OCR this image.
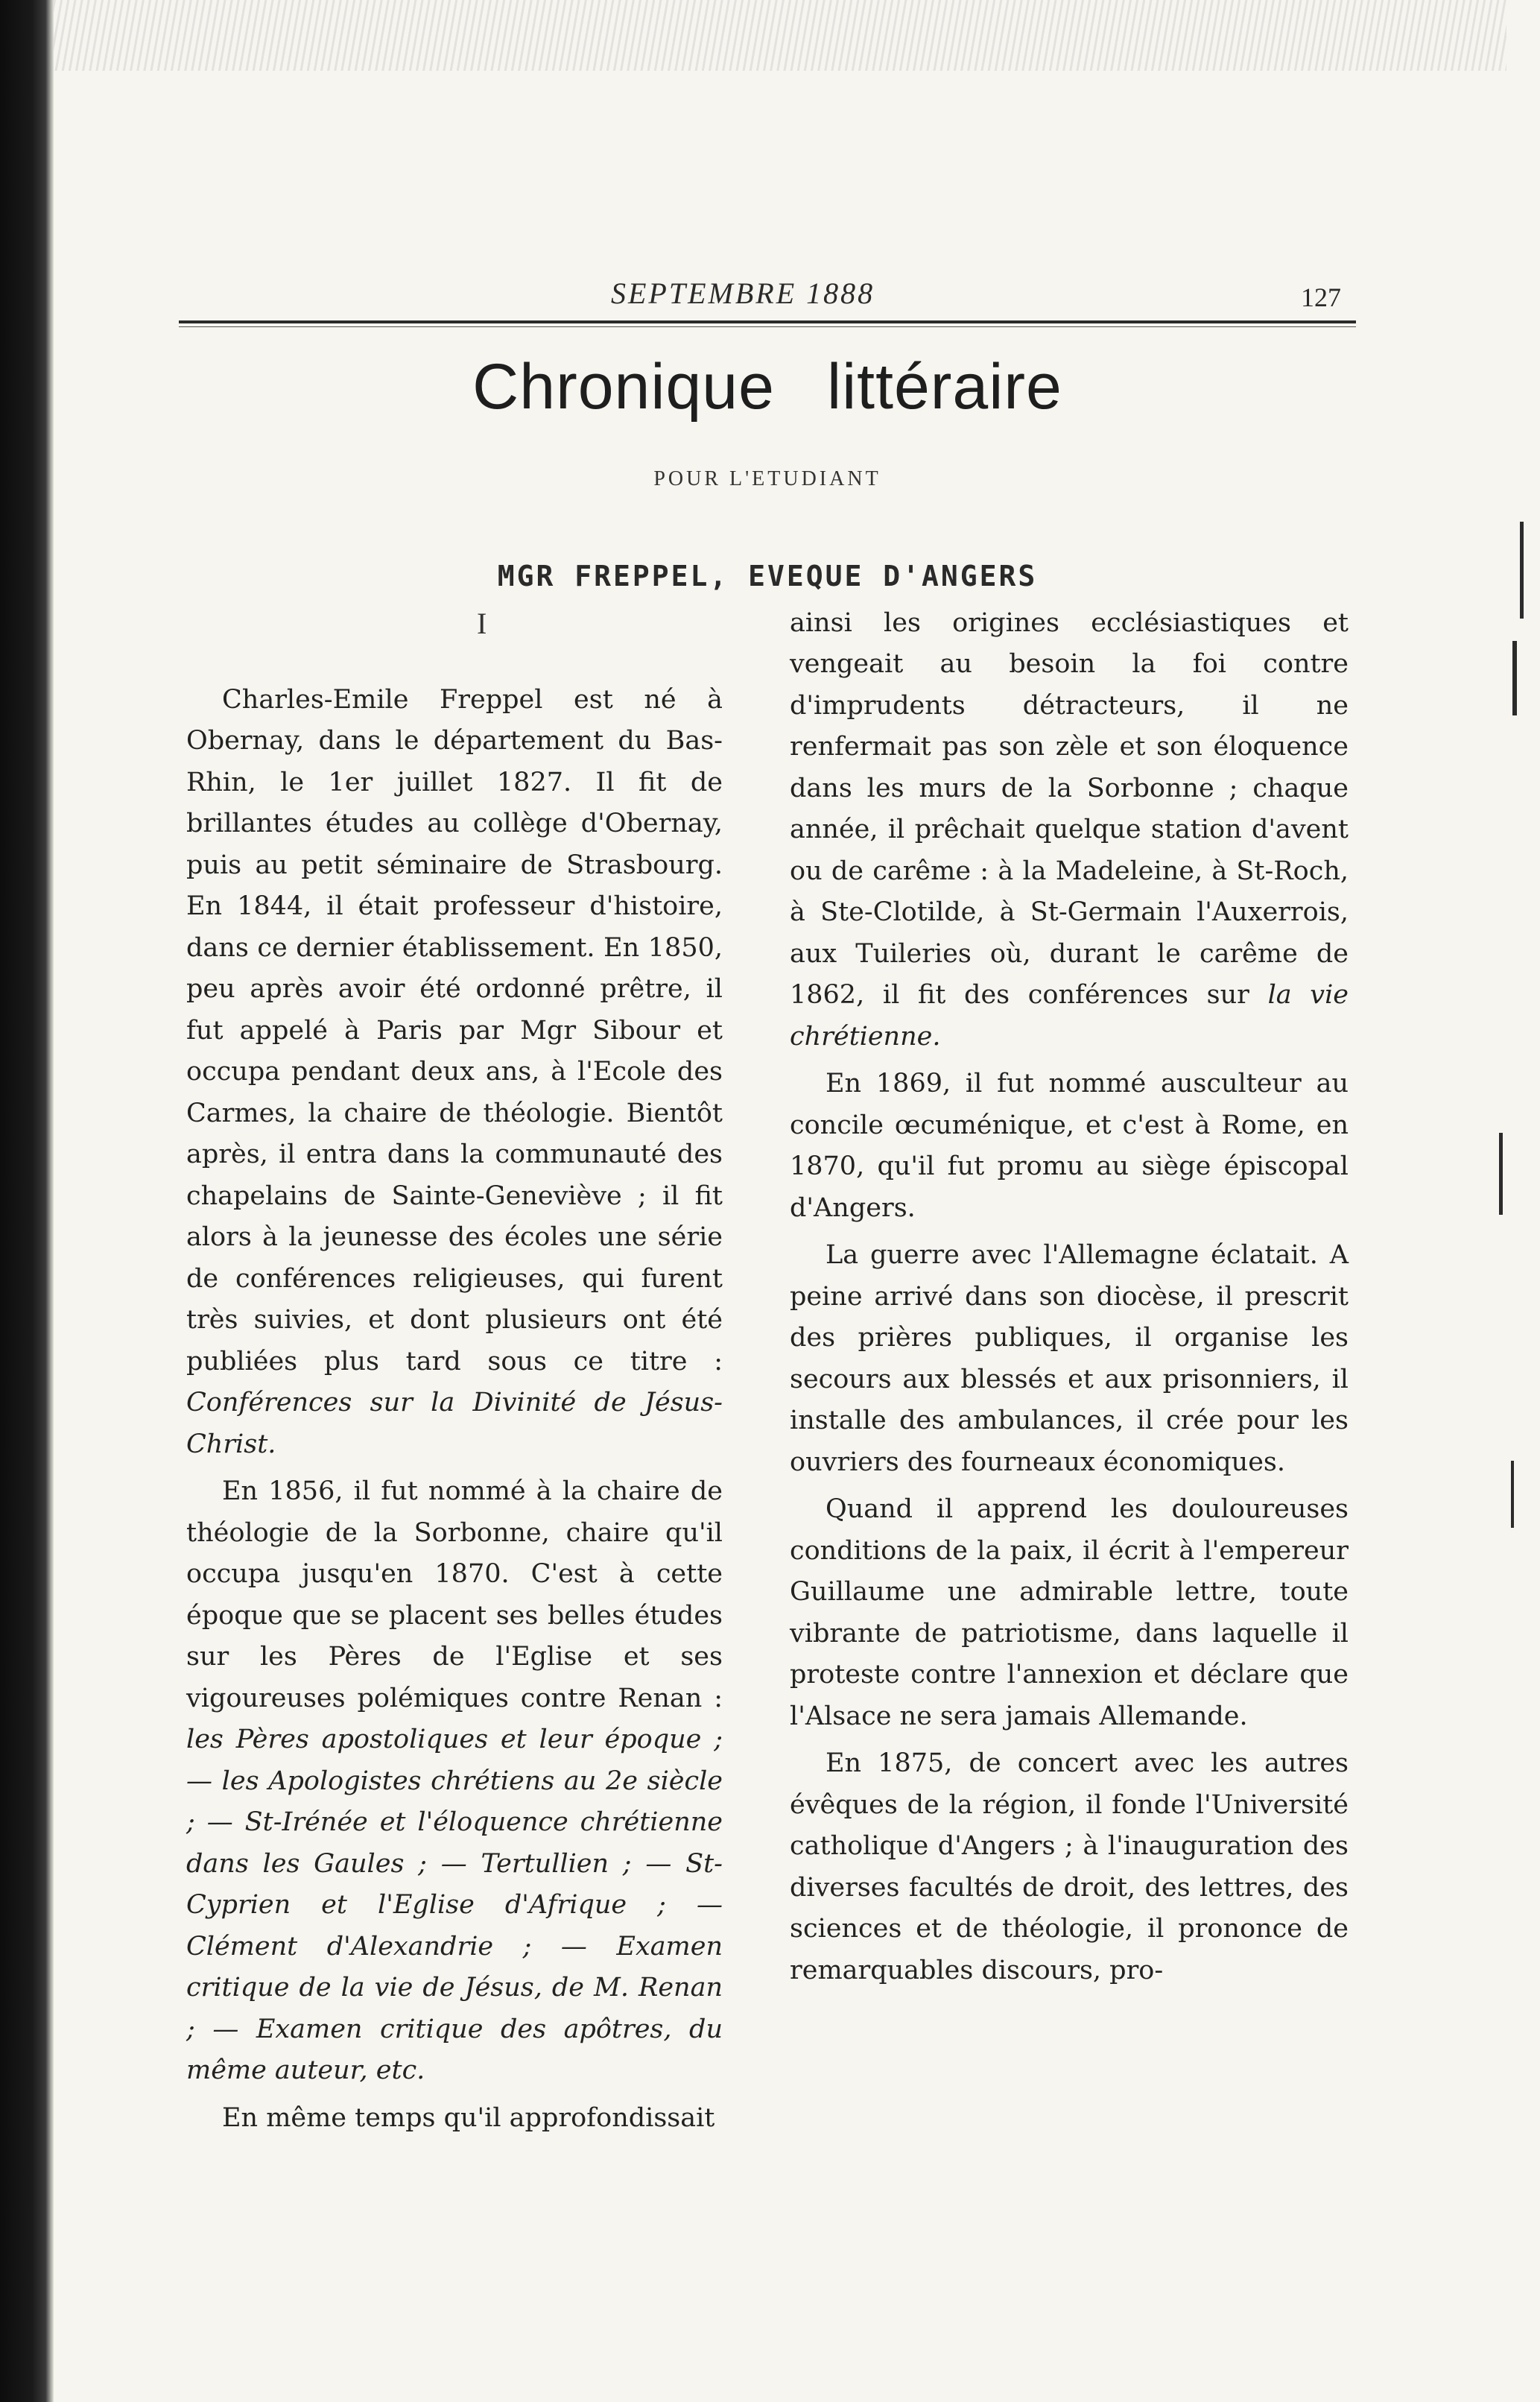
SEPTEMBRE 1888	127
Chronique littéraire
POUR L'ETUDIANT
MGR FREPPEL, EVEQUE D'ANGERS
I

Charles-Emile Freppel est né à Obernay, dans le département du Bas-Rhin, le 1er juillet 1827. Il fit de brillantes études au collège d'Obernay, puis au petit séminaire de Strasbourg. En 1844, il était professeur d'histoire, dans ce dernier établissement. En 1850, peu après avoir été ordonné prêtre, il fut appelé à Paris par Mgr Sibour et occupa pendant deux ans, à l'Ecole des Carmes, la chaire de théologie. Bientôt après, il entra dans la communauté des chapelains de Sainte-Geneviève ; il fit alors à la jeunesse des écoles une série de conférences religieuses, qui furent très suivies, et dont plusieurs ont été publiées plus tard sous ce titre : Conférences sur la Divinité de Jésus-Christ.

En 1856, il fut nommé à la chaire de théologie de la Sorbonne, chaire qu'il occupa jusqu'en 1870. C'est à cette époque que se placent ses belles études sur les Pères de l'Eglise et ses vigoureuses polémiques contre Renan : les Pères apostoliques et leur époque ; — les Apologistes chrétiens au 2e siècle ; — St-Irénée et l'éloquence chrétienne dans les Gaules ; — Tertullien ; — St- Cyprien et l'Eglise d'Afrique ; — Clément d'Alexandrie ; — Examen critique de la vie de Jésus, de M. Renan ; — Examen critique des apôtres, du même auteur, etc.

En même temps qu'il approfondissait

ainsi les origines ecclésiastiques et vengeait au besoin la foi contre d'imprudents détracteurs, il ne renfermait pas son zèle et son éloquence dans les murs de la Sorbonne ; chaque année, il prêchait quelque station d'avent ou de carême : à la Madeleine, à St-Roch, à Ste-Clotilde, à St-Germain l'Auxerrois, aux Tuileries où, durant le carême de 1862, il fit des conférences sur la vie chrétienne.

En 1869, il fut nommé ausculteur au concile œcuménique, et c'est à Rome, en 1870, qu'il fut promu au siège épiscopal d'Angers.

La guerre avec l'Allemagne éclatait. A peine arrivé dans son diocèse, il prescrit des prières publiques, il organise les secours aux blessés et aux prisonniers, il installe des ambulances, il crée pour les ouvriers des fourneaux économiques.

Quand il apprend les douloureuses conditions de la paix, il écrit à l'empereur Guillaume une admirable lettre, toute vibrante de patriotisme, dans laquelle il proteste contre l'annexion et déclare que l'Alsace ne sera jamais Allemande.

En 1875, de concert avec les autres évêques de la région, il fonde l'Université catholique d'Angers ; à l'inauguration des diverses facultés de droit, des lettres, des sciences et de théologie, il prononce de remarquables discours, pro-
